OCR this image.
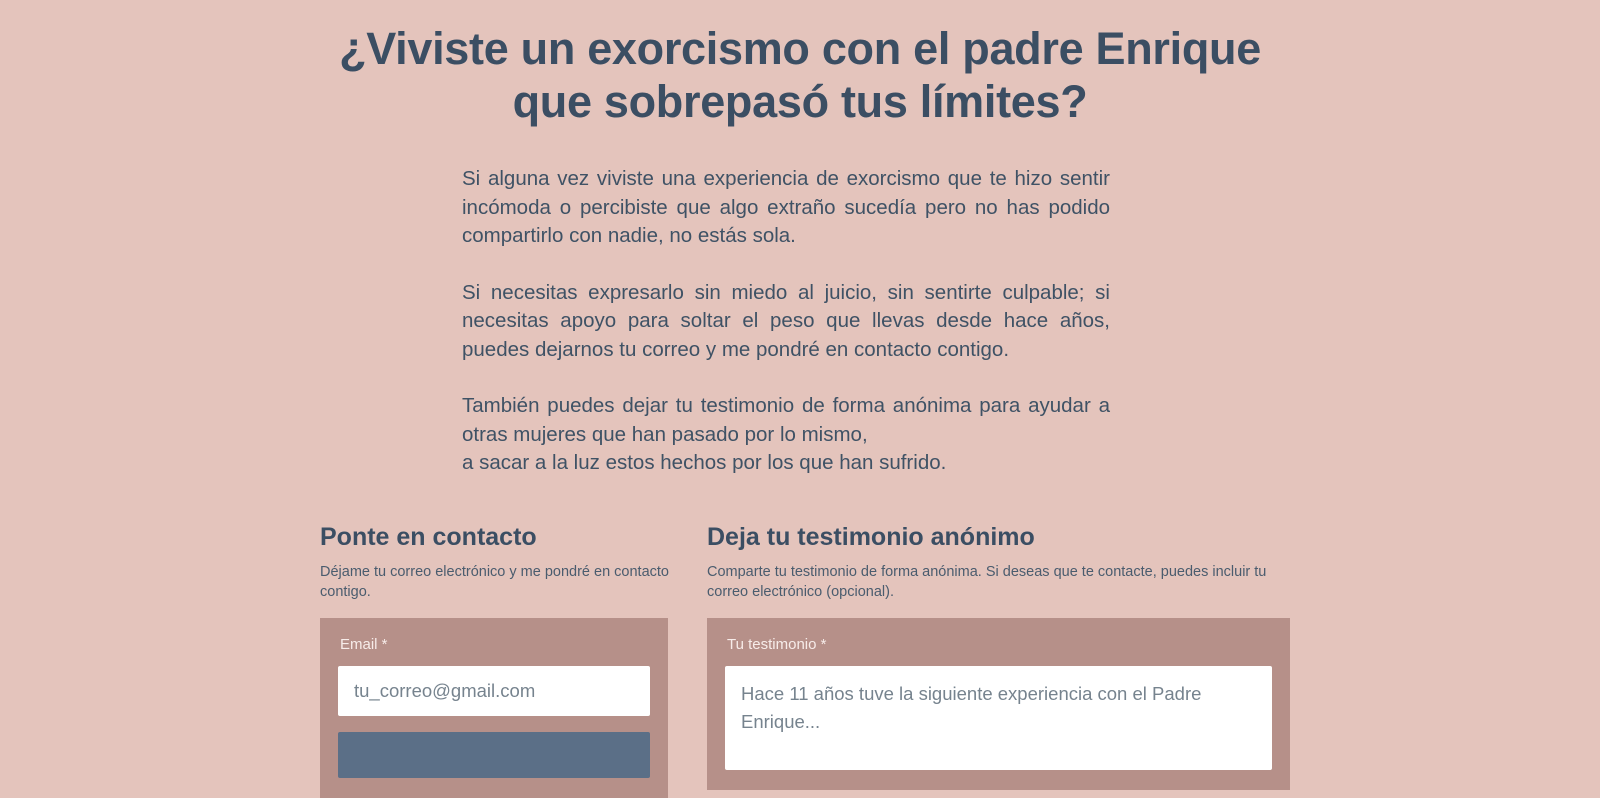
¿Viviste un exorcismo con el padre Enrique
que sobrepasó tus límites?

Si alguna vez viviste una experiencia de exorcismo que te hizo sentir incómoda o percibiste que algo extraño sucedía pero no has podido compartirlo con nadie, no estás sola.

Si necesitas expresarlo sin miedo al juicio, sin sentirte culpable; si necesitas apoyo para soltar el peso que llevas desde hace años, puedes dejarnos tu correo y me pondré en contacto contigo.

También puedes dejar tu testimonio de forma anónima para ayudar a otras mujeres que han pasado por lo mismo,
a sacar a la luz estos hechos por los que han sufrido.

Ponte en contacto

Déjame tu correo electrónico y me pondré en contacto contigo.

Email *
tu_correo@gmail.com
Deja tu testimonio anónimo

Comparte tu testimonio de forma anónima. Si deseas que te contacte, puedes incluir tu correo electrónico (opcional).

Tu testimonio *
Hace 11 años tuve la siguiente experiencia con el Padre Enrique...
